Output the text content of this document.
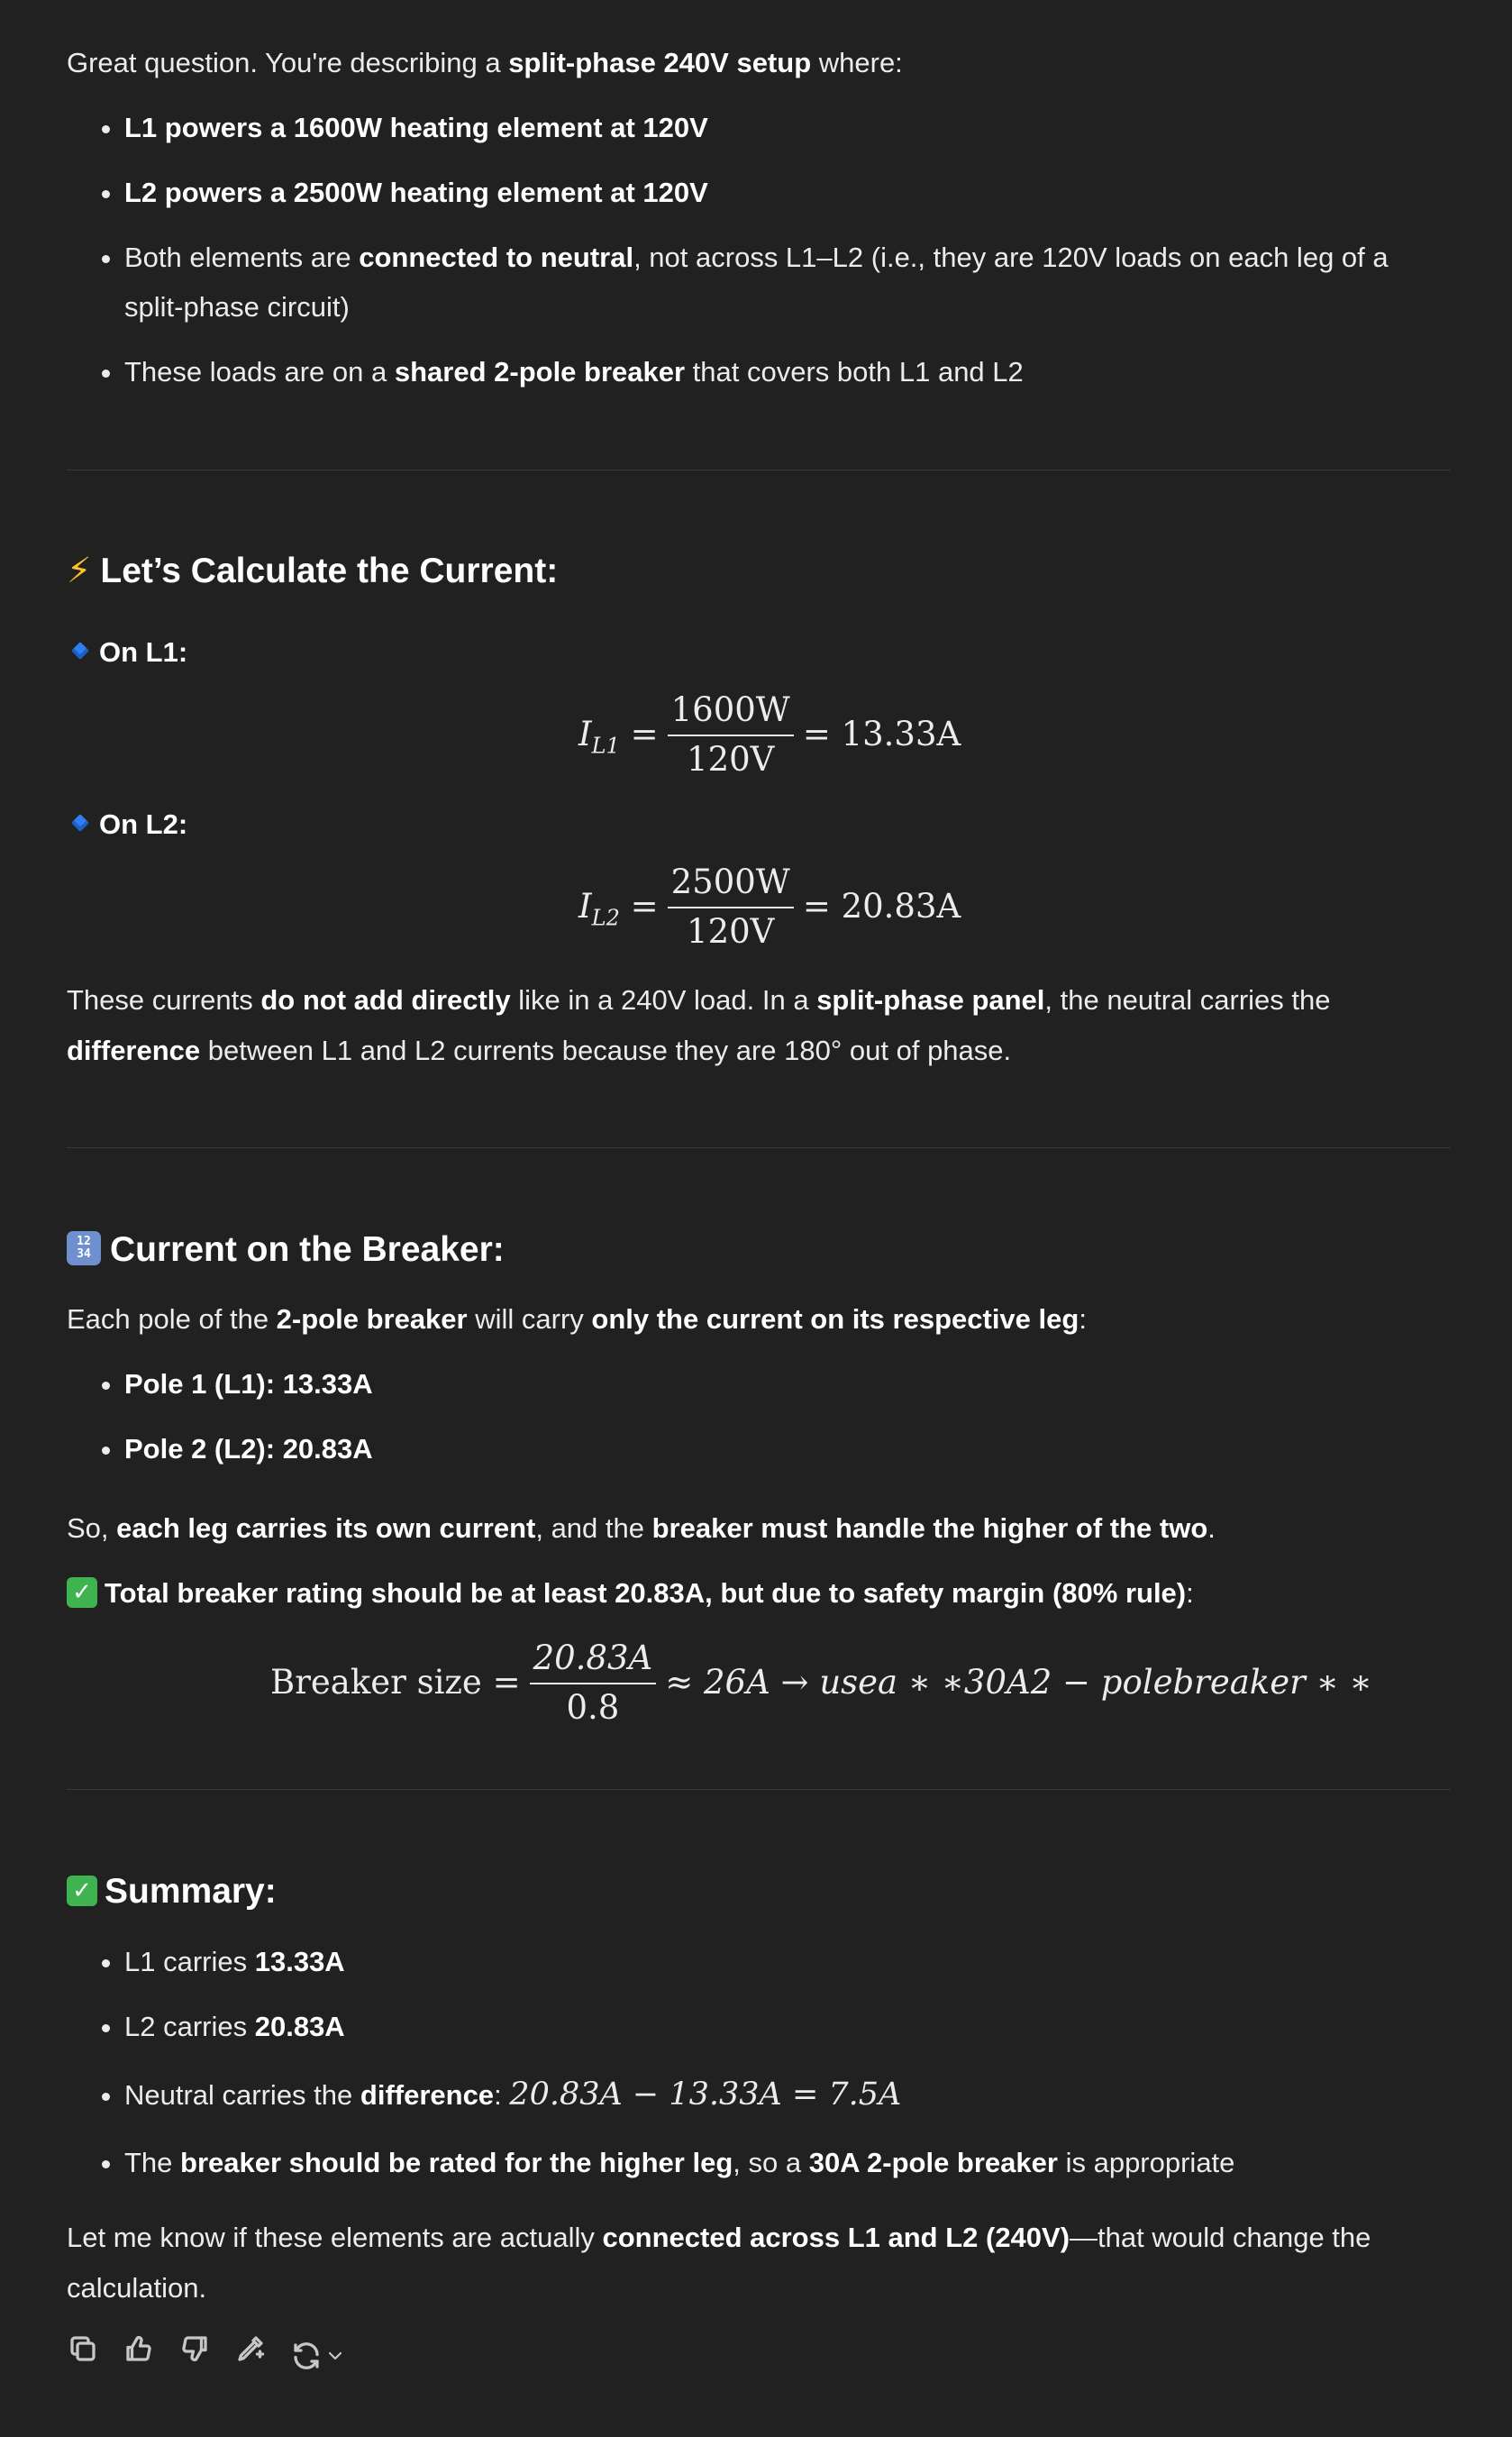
Great question. You're describing a split-phase 240V setup where:

• L1 powers a 1600W heating element at 120V
• L2 powers a 2500W heating element at 120V
• Both elements are connected to neutral, not across L1–L2 (i.e., they are 120V loads on each leg of a split-phase circuit)
• These loads are on a shared 2-pole breaker that covers both L1 and L2
⚡ Let’s Calculate the Current:

On L1:

$I_{L1} = \frac{1600W}{120V} = 13.33A$

On L2:

$I_{L2} = \frac{2500W}{120V} = 20.83A$

These currents do not add directly like in a 240V load. In a split-phase panel, the neutral carries the difference between L1 and L2 currents because they are 180° out of phase.

12
34 Current on the Breaker:

Each pole of the 2-pole breaker will carry only the current on its respective leg:

• Pole 1 (L1): 13.33A
• Pole 2 (L2): 20.83A

So, each leg carries its own current, and the breaker must handle the higher of the two.

✓ Total breaker rating should be at least 20.83A, but due to safety margin (80% rule):

Breaker size = $\frac{20.83A}{0.8} \approx 26A$ → usea ∗ ∗30A2 − polebreaker ∗ ∗
✓ Summary:
• L1 carries 13.33A
• L2 carries 20.83A
• Neutral carries the difference: 20.83A − 13.33A = 7.5A
• The breaker should be rated for the higher leg, so a 30A 2-pole breaker is appropriate

Let me know if these elements are actually connected across L1 and L2 (240V)—that would change the calculation.
